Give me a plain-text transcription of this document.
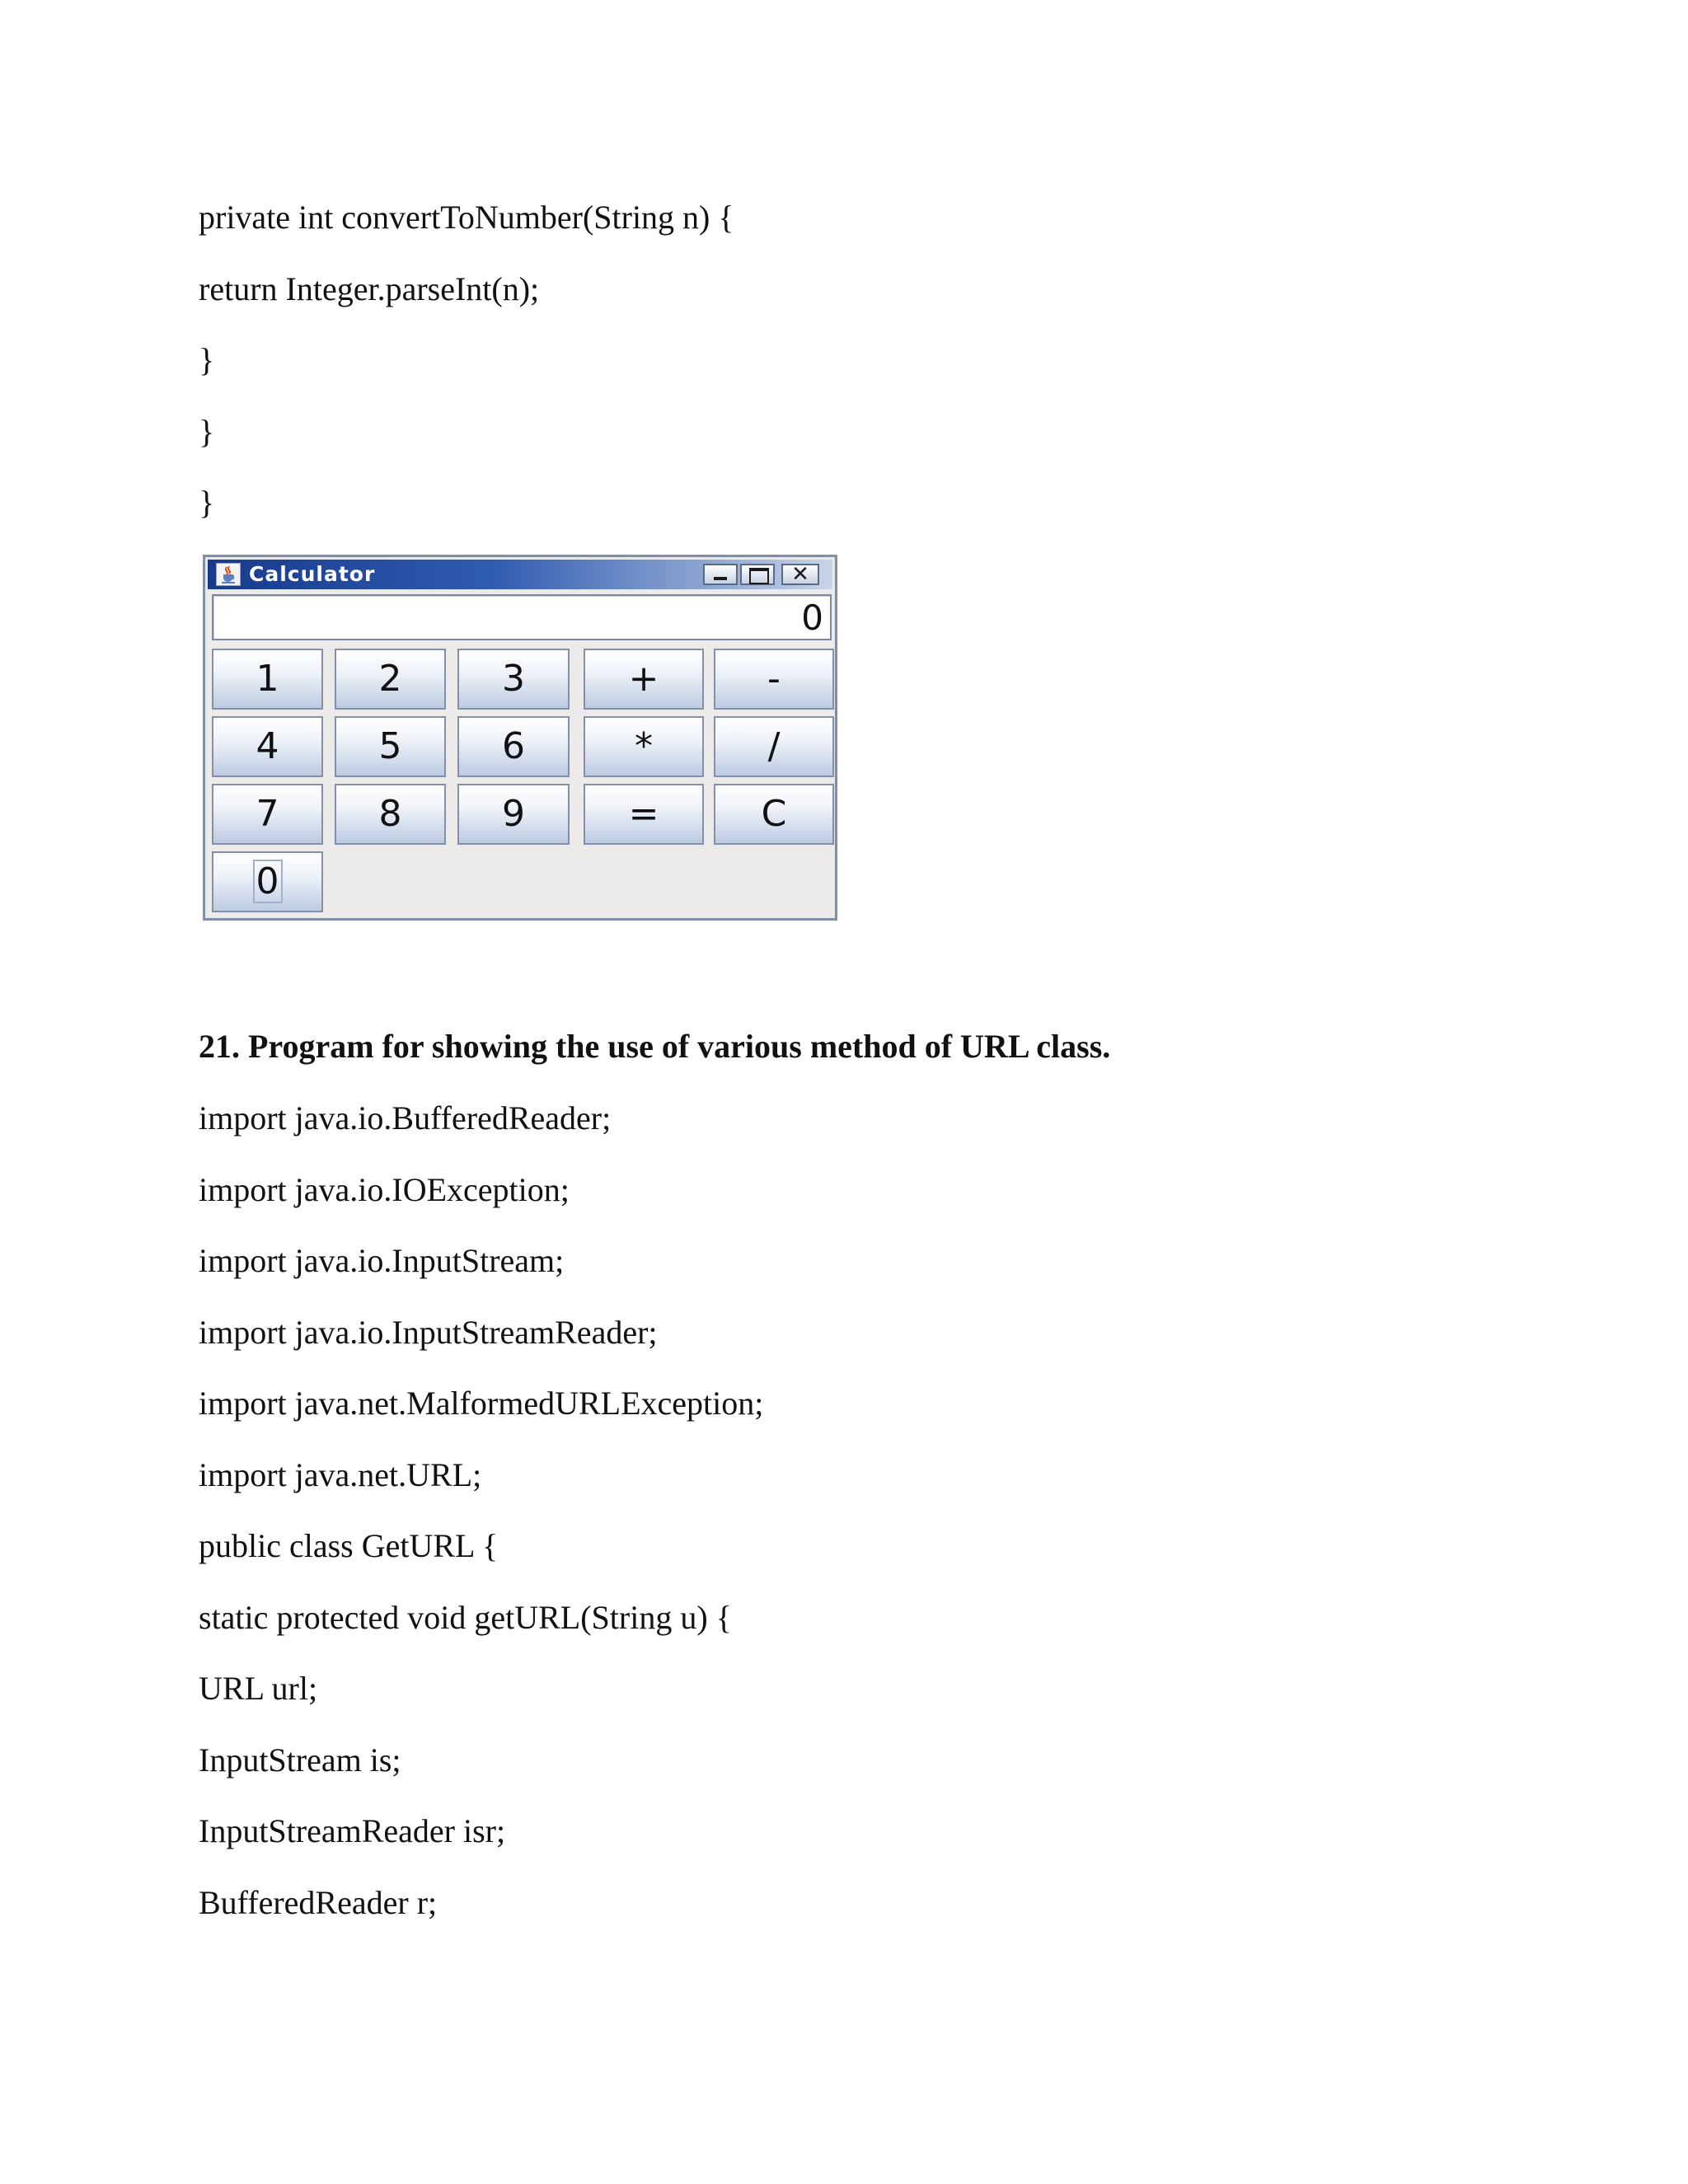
private int convertToNumber(String n) {

return Integer.parseInt(n);

}

}

}

Calculator	✕
0
1	2	3	+	-
4	5	6	*	/
7	8	9	=	C
0

21. Program for showing the use of various method of URL class.

import java.io.BufferedReader;

import java.io.IOException;

import java.io.InputStream;

import java.io.InputStreamReader;

import java.net.MalformedURLException;

import java.net.URL;

public class GetURL {

static protected void getURL(String u) {

URL url;

InputStream is;

InputStreamReader isr;

BufferedReader r;
